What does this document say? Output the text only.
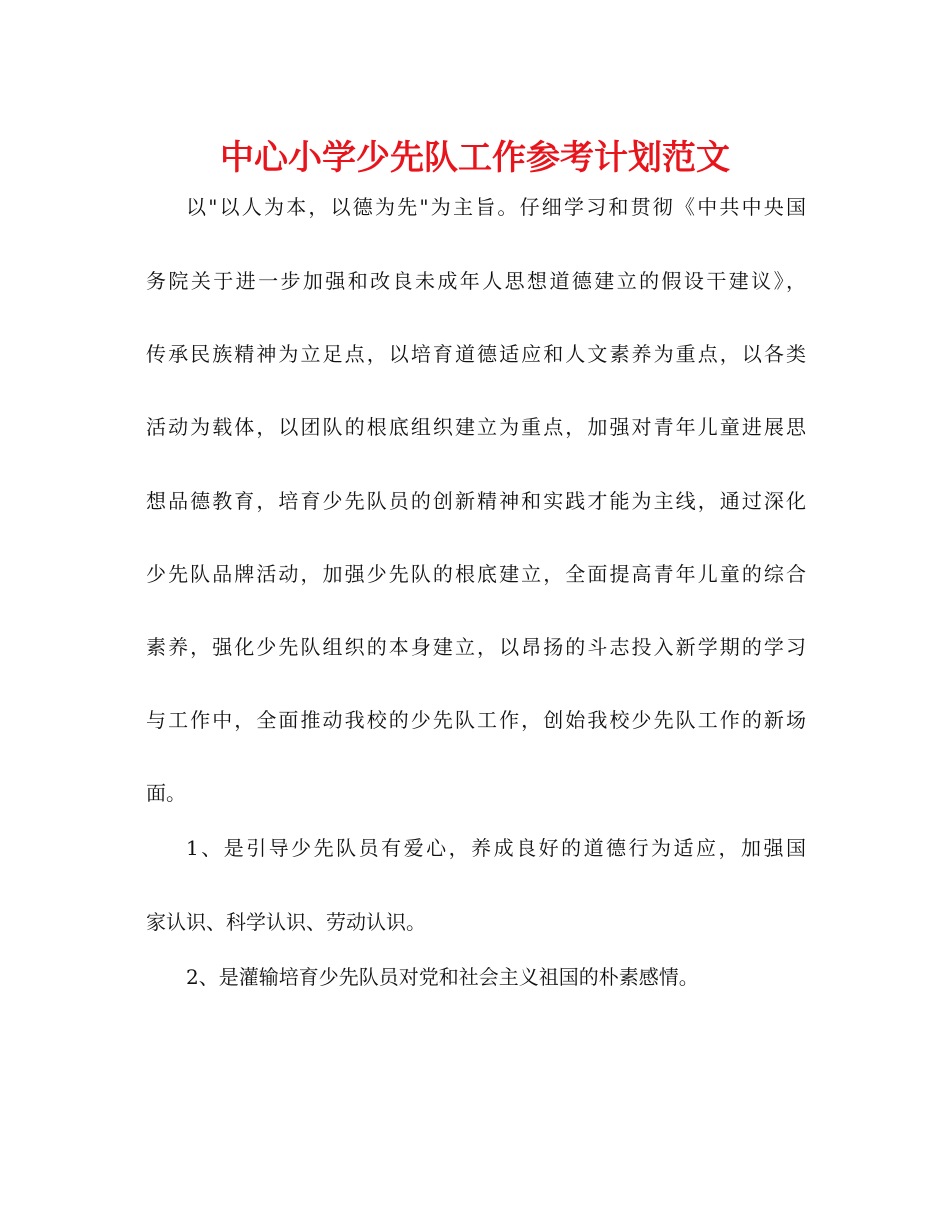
中心小学少先队工作参考计划范文

以"以人为本，以德为先"为主旨。仔细学习和贯彻《中共中央国

务院关于进一步加强和改良未成年人思想道德建立的假设干建议》，

传承民族精神为立足点，以培育道德适应和人文素养为重点，以各类

活动为载体，以团队的根底组织建立为重点，加强对青年儿童进展思

想品德教育，培育少先队员的创新精神和实践才能为主线，通过深化

少先队品牌活动，加强少先队的根底建立，全面提高青年儿童的综合

素养，强化少先队组织的本身建立，以昂扬的斗志投入新学期的学习

与工作中，全面推动我校的少先队工作，创始我校少先队工作的新场

面。

1、是引导少先队员有爱心，养成良好的道德行为适应，加强国

家认识、科学认识、劳动认识。

2、是灌输培育少先队员对党和社会主义祖国的朴素感情。
